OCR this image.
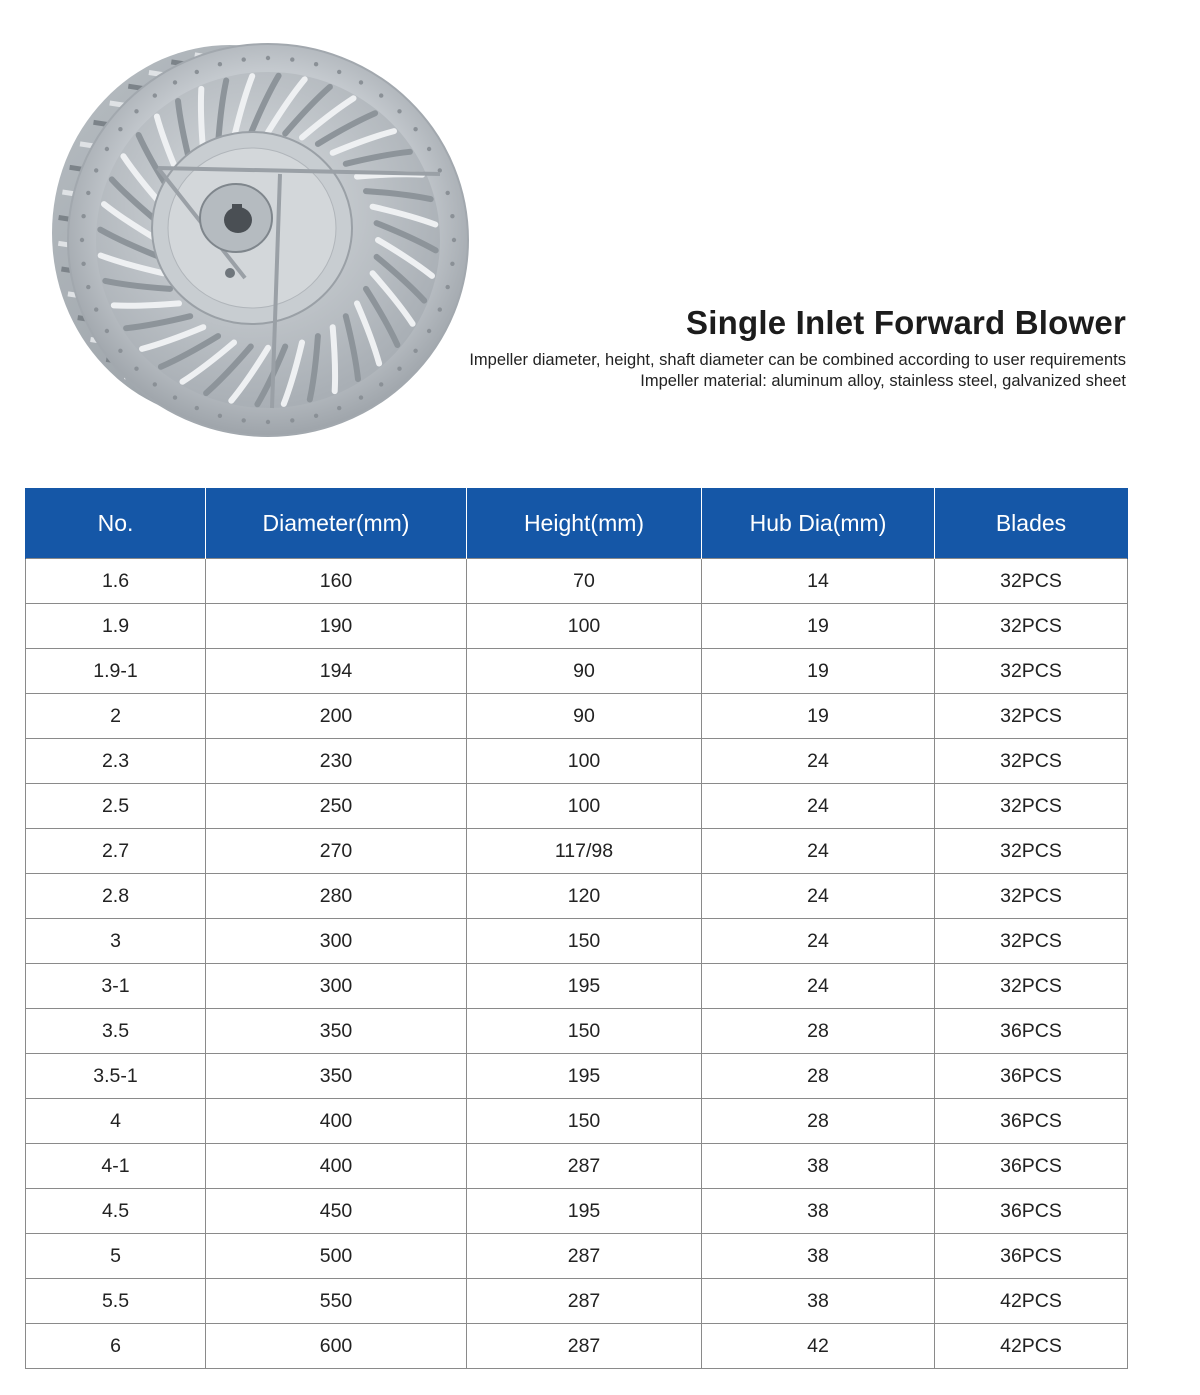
Single Inlet Forward Blower
Impeller diameter, height, shaft diameter can be combined according to user requirements
Impeller material: aluminum alloy, stainless steel, galvanized sheet
No.	Diameter(mm)	Height(mm)	Hub Dia(mm)	Blades
1.6	160	70	14	32PCS
1.9	190	100	19	32PCS
1.9-1	194	90	19	32PCS
2	200	90	19	32PCS
2.3	230	100	24	32PCS
2.5	250	100	24	32PCS
2.7	270	117/98	24	32PCS
2.8	280	120	24	32PCS
3	300	150	24	32PCS
3-1	300	195	24	32PCS
3.5	350	150	28	36PCS
3.5-1	350	195	28	36PCS
4	400	150	28	36PCS
4-1	400	287	38	36PCS
4.5	450	195	38	36PCS
5	500	287	38	36PCS
5.5	550	287	38	42PCS
6	600	287	42	42PCS
